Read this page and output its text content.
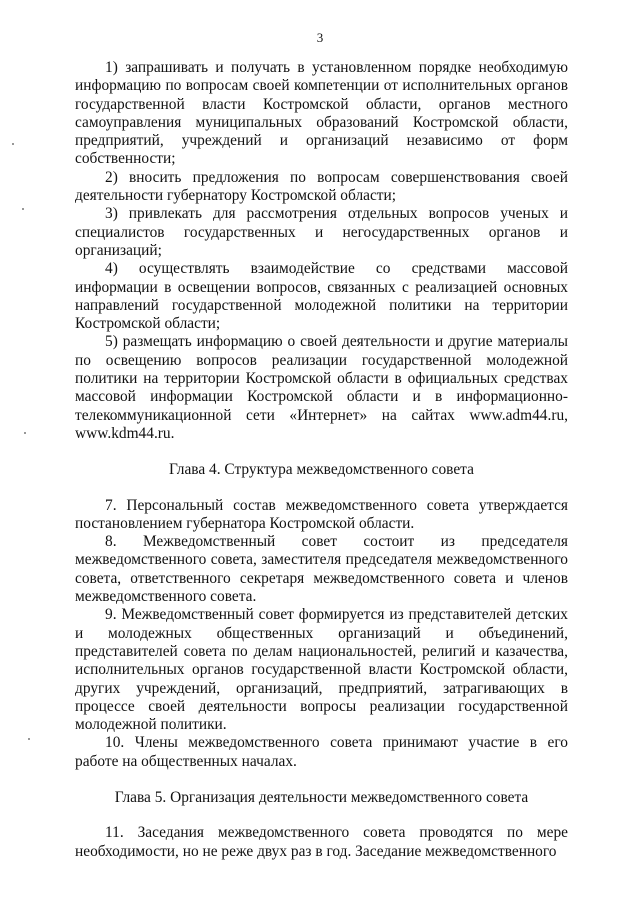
3

1) запрашивать и получать в установленном порядке необходимую информацию по вопросам своей компетенции от исполнительных органов государственной власти Костромской области, органов местного самоуправления муниципальных образований Костромской области, предприятий, учреждений и организаций независимо от форм собственности;

2) вносить предложения по вопросам совершенствования своей деятельности губернатору Костромской области;

3) привлекать для рассмотрения отдельных вопросов ученых и специалистов государственных и негосударственных органов и организаций;

4) осуществлять взаимодействие со средствами массовой информации в освещении вопросов, связанных с реализацией основных направлений государственной молодежной политики на территории Костромской области;

5) размещать информацию о своей деятельности и другие материалы по освещению вопросов реализации государственной молодежной политики на территории Костромской области в официальных средствах массовой информации Костромской области и в информационно-телекоммуникационной сети «Интернет» на сайтах www.adm44.ru, www.kdm44.ru.

Глава 4. Структура межведомственного совета

7. Персональный состав межведомственного совета утверждается постановлением губернатора Костромской области.

8. Межведомственный совет состоит из председателя межведомственного совета, заместителя председателя межведомственного совета, ответственного секретаря межведомственного совета и членов межведомственного совета.

9. Межведомственный совет формируется из представителей детских и молодежных общественных организаций и объединений, представителей совета по делам национальностей, религий и казачества, исполнительных органов государственной власти Костромской области, других учреждений, организаций, предприятий, затрагивающих в процессе своей деятельности вопросы реализации государственной молодежной политики.

10. Члены межведомственного совета принимают участие в его работе на общественных началах.

Глава 5. Организация деятельности межведомственного совета

11. Заседания межведомственного совета проводятся по мере необходимости, но не реже двух раз в год. Заседание межведомственного
